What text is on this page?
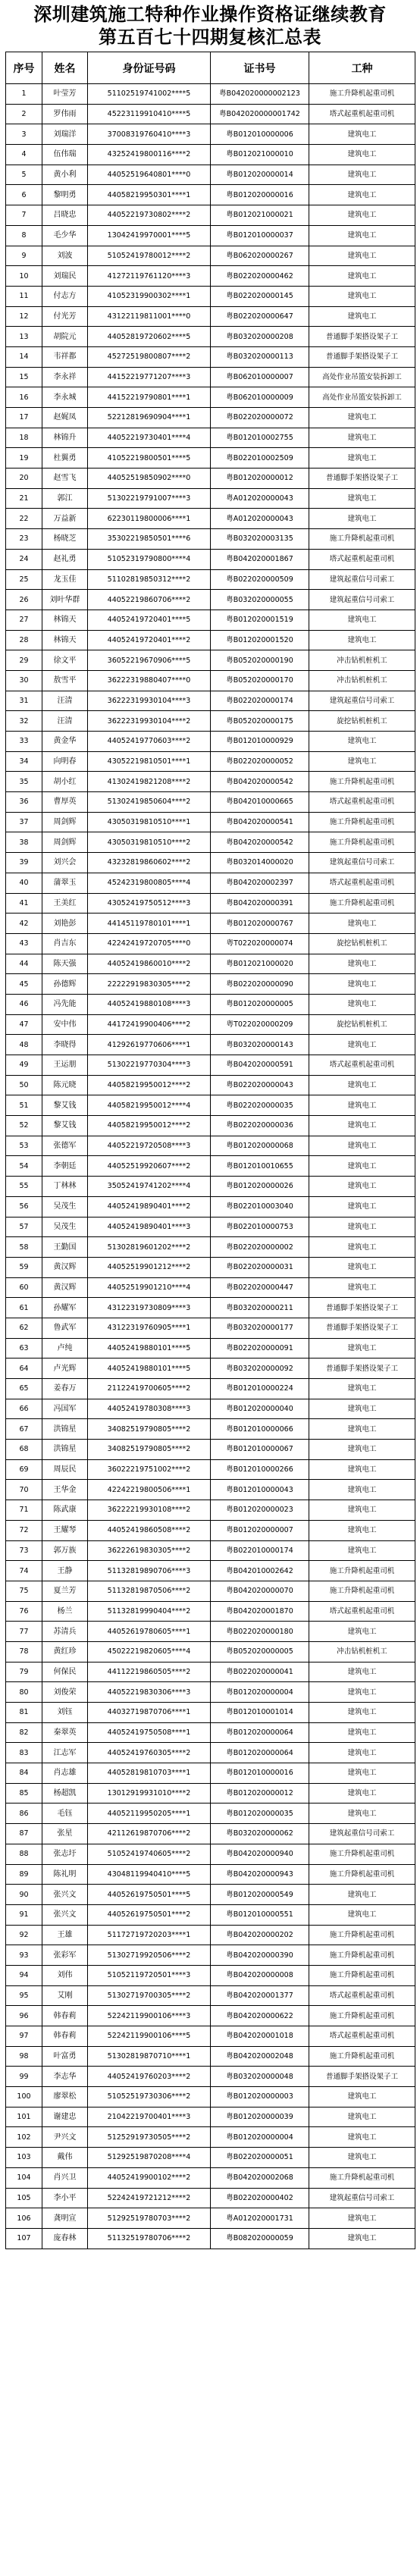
深圳建筑施工特种作业操作资格证继续教育
第五百七十四期复核汇总表
序号	姓名	身份证号码	证书号	工种
1	叶莹芳	51102519741002****5	粤B042020000002123	施工升降机起重司机
2	罗伟雨	45223119910410****5	粤B042020000001742	塔式起重机起重司机
3	刘瑞洋	37008319760410****3	粤B012010000006	建筑电工
4	伍伟瑞	43252419800116****2	粤B012021000010	建筑电工
5	黄小利	44052519640801****0	粤B012020000014	建筑电工
6	黎明勇	44058219950301****1	粤B012020000016	建筑电工
7	吕晓忠	44052219730802****2	粤B012021000021	建筑电工
8	毛少华	13042419970001****5	粤B012010000037	建筑电工
9	刘波	51052419780012****2	粤B062020000267	建筑电工
10	刘瑞民	41272119761120****3	粤B022020000462	建筑电工
11	付志方	41052319900302****1	粤B022020000145	建筑电工
12	付光芳	43122119811001****0	粤B022020000647	建筑电工
13	胡院元	44052819720602****5	粤B032020000208	普通脚手架搭设架子工
14	韦祥都	45272519800807****2	粤B032020000113	普通脚手架搭设架子工
15	李永祥	44152219771207****3	粤B062010000007	高处作业吊篮安装拆卸工
16	李永城	44152219790801****1	粤B062010000009	高处作业吊篮安装拆卸工
17	赵娓凤	52212819690904****1	粤B022020000072	建筑电工
18	林锦升	44052219730401****4	粤B012010002755	建筑电工
19	杜翼勇	41052219800501****5	粤B022010002509	建筑电工
20	赵雪飞	44052519850902****0	粤B012020000012	普通脚手架搭设架子工
21	郭江	51302219791007****3	粤A012020000043	建筑电工
22	万益新	62230119800006****1	粤A012020000043	建筑电工
23	杨晓芝	35302219850501****6	粤B032020003135	施工升降机起重司机
24	赵礼勇	51052319790800****4	粤B042020001867	塔式起重机起重司机
25	龙玉佳	51102819850312****2	粤B022020000509	建筑起重信号司索工
26	刘叶华群	44052219860706****2	粤B032020000055	建筑起重信号司索工
27	林锦天	44052419720401****5	粤B012020001519	建筑电工
28	林锦天	44052419720401****2	粤B012020001520	建筑电工
29	徐文平	36052219670906****5	粤B052020000190	冲击钻机桩机工
30	敖雪平	36222319880407****0	粤B052020000170	冲击钻机桩机工
31	汪清	36222319930104****3	粤B022020000174	建筑起重信号司索工
32	汪清	36222319930104****2	粤B052020000175	旋挖钻机桩机工
33	黄金华	44052419770603****2	粤B012010000929	建筑电工
34	向明春	43052219810501****1	粤B022020000052	建筑电工
35	胡小红	41302419821208****2	粤B042020000542	施工升降机起重司机
36	曹厚英	51302419850604****2	粤B042010000665	塔式起重机起重司机
37	周剑辉	43050319810510****1	粤B042020000541	施工升降机起重司机
38	周剑辉	43050319810510****2	粤B042020000542	施工升降机起重司机
39	刘兴会	43232819860602****2	粤B032014000020	建筑起重信号司索工
40	蒲翠玉	45242319800805****4	粤B042020002397	塔式起重机起重司机
41	王美红	43052419750512****3	粤B042020000391	施工升降机起重司机
42	刘艳彭	44145119780101****1	粤B012020000767	建筑电工
43	肖吉东	42242419720705****0	粤T022020000074	旋挖钻机桩机工
44	陈天强	44052419860010****2	粤B012021000020	建筑电工
45	孙德辉	22222919830305****2	粤B022020000090	建筑电工
46	冯先能	44052419880108****3	粤B012020000005	建筑电工
47	安中伟	44172419900406****2	粤T022020000209	旋挖钻机桩机工
48	李晓得	41292619770606****1	粤B032020000143	建筑电工
49	王运朋	51302219770304****3	粤B042020000591	塔式起重机起重司机
50	陈元晓	44058219950012****2	粤B022020000043	建筑电工
51	黎艾钱	44058219950012****4	粤B022020000035	建筑电工
52	黎艾钱	44058219950012****2	粤B022020000036	建筑电工
53	张德军	44052219720508****3	粤B012020000068	建筑电工
54	李朝廷	44052519920607****2	粤B012010010655	建筑电工
55	丁林林	35052419741202****4	粤B012020000026	建筑电工
56	吴茂生	44052419890401****2	粤B022010003040	建筑电工
57	吴茂生	44052419890401****3	粤B022010000753	建筑电工
58	王勤国	51302819601202****2	粤B022020000002	建筑电工
59	黄汉辉	44052519901212****2	粤B022020000031	建筑电工
60	黄汉辉	44052519901210****4	粤B022020000447	建筑电工
61	孙耀军	43122319730809****3	粤B032020000211	普通脚手架搭设架子工
62	鲁武军	43122319760905****1	粤B032020000177	普通脚手架搭设架子工
63	卢纯	44052419880101****5	粤B022020000091	建筑电工
64	卢光辉	44052419880101****5	粤B032020000092	普通脚手架搭设架子工
65	姜春万	21122419700605****2	粤B012010000224	建筑电工
66	冯国军	44052419780308****3	粤B012020000040	建筑电工
67	洪锦星	34082519790805****2	粤B012010000066	建筑电工
68	洪锦星	34082519790805****2	粤B012010000067	建筑电工
69	周辰民	36022219751002****2	粤B012010000266	建筑电工
70	王华金	42242219800506****1	粤B012010000043	建筑电工
71	陈武康	36222219930108****2	粤B012020000023	建筑电工
72	王耀琴	44052419860508****2	粤B012020000007	建筑电工
73	郭万族	36222619830305****2	粤B022010000174	建筑电工
74	王静	51132819890706****3	粤B042010002642	施工升降机起重司机
75	夏兰芳	51132819870506****2	粤B042020000070	施工升降机起重司机
76	杨兰	51132819990404****2	粤B042020001870	塔式起重机起重司机
77	苏清兵	44052619780605****1	粤B022020000180	建筑电工
78	黄红珍	45022219820605****4	粤B052020000005	冲击钻机桩机工
79	何保民	44112219860505****2	粤B022020000041	建筑电工
80	刘俊荣	44052219830306****3	粤B012020000004	建筑电工
81	刘钰	44032719870706****1	粤B012010001014	建筑电工
82	秦翠英	44052419750508****1	粤B012020000064	建筑电工
83	江志军	44052419760305****2	粤B012020000064	建筑电工
84	肖志雄	44052819810703****1	粤B012010000016	建筑电工
85	杨超凯	13012919931010****2	粤B012020000012	建筑电工
86	毛钰	44052119950205****1	粤B012020000035	建筑电工
87	张星	42112619870706****2	粤B032020000062	建筑起重信号司索工
88	张志圩	51052419740605****2	粤B042020000940	施工升降机起重司机
89	陈礼明	43048119940410****5	粤B042020000943	施工升降机起重司机
90	张兴文	44052619750501****5	粤B012020000549	建筑电工
91	张兴文	44052619750501****2	粤B012010000551	建筑电工
92	王雄	51172719720203****1	粤B042020000202	施工升降机起重司机
93	张彩军	51302719920506****2	粤B042020000390	施工升降机起重司机
94	刘伟	51052119720501****3	粤B042020000008	施工升降机起重司机
95	艾刚	51302719700305****2	粤B042020001377	塔式起重机起重司机
96	韩春莉	52242119900106****3	粤B042020000622	施工升降机起重司机
97	韩春莉	52242119900106****5	粤B042020001018	塔式起重机起重司机
98	叶富勇	51302819870710****1	粤B042020002048	施工升降机起重司机
99	李志华	44052419760203****2	粤B032020000048	普通脚手架搭设架子工
100	廖翠松	51052519730306****2	粤B012020000003	建筑电工
101	谢建忠	21042219700401****3	粤B012020000039	建筑电工
102	尹兴文	51252919730505****2	粤B012020000004	建筑电工
103	戴伟	51292519870208****4	粤B022020000051	建筑电工
104	肖兴卫	44052419900102****2	粤B042020002068	施工升降机起重司机
105	李小平	52242419721212****2	粤B022020000402	建筑起重信号司索工
106	龚明宣	51292519780703****2	粤A012020001731	建筑电工
107	庞春林	51132519780706****2	粤B082020000059	建筑电工
